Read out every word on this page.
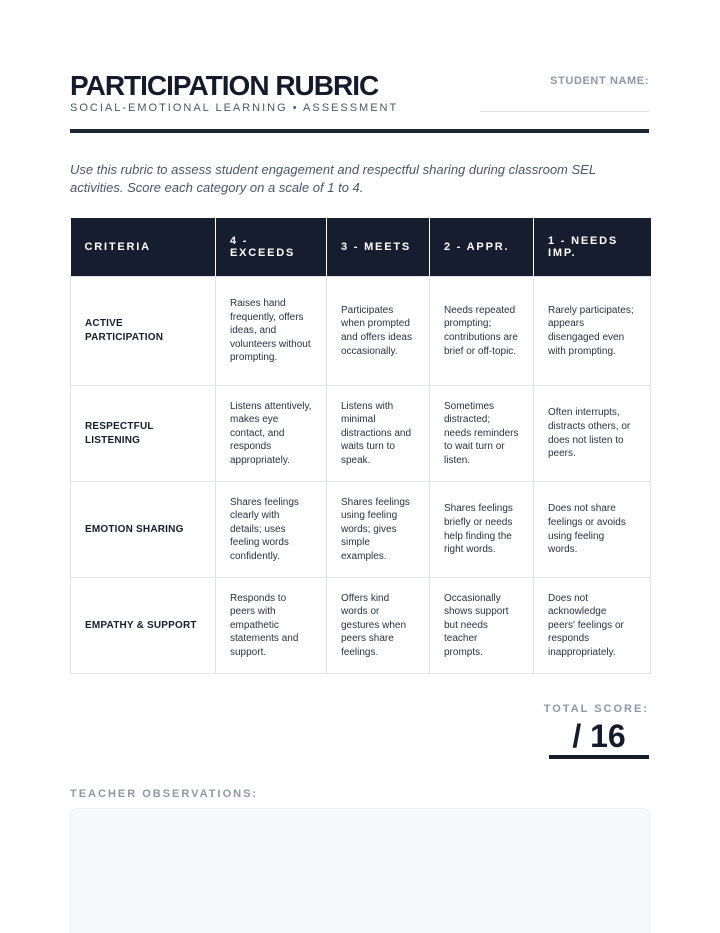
PARTICIPATION RUBRIC
SOCIAL-EMOTIONAL LEARNING • ASSESSMENT
STUDENT NAME:
Use this rubric to assess student engagement and respectful sharing during classroom SEL activities. Score each category on a scale of 1 to 4.
CRITERIA	4 - EXCEEDS	3 - MEETS	2 - APPR.	1 - NEEDS IMP.
ACTIVE PARTICIPATION	Raises hand frequently, offers ideas, and volunteers without prompting.	Participates when prompted and offers ideas occasionally.	Needs repeated prompting; contributions are brief or off-topic.	Rarely participates; appears disengaged even with prompting.
RESPECTFUL LISTENING	Listens attentively, makes eye contact, and responds appropriately.	Listens with minimal distractions and waits turn to speak.	Sometimes distracted; needs reminders to wait turn or listen.	Often interrupts, distracts others, or does not listen to peers.
EMOTION SHARING	Shares feelings clearly with details; uses feeling words confidently.	Shares feelings using feeling words; gives simple examples.	Shares feelings briefly or needs help finding the right words.	Does not share feelings or avoids using feeling words.
EMPATHY & SUPPORT	Responds to peers with empathetic statements and support.	Offers kind words or gestures when peers share feelings.	Occasionally shows support but needs teacher prompts.	Does not acknowledge peers' feelings or responds inappropriately.
TOTAL SCORE:
/ 16
TEACHER OBSERVATIONS:
